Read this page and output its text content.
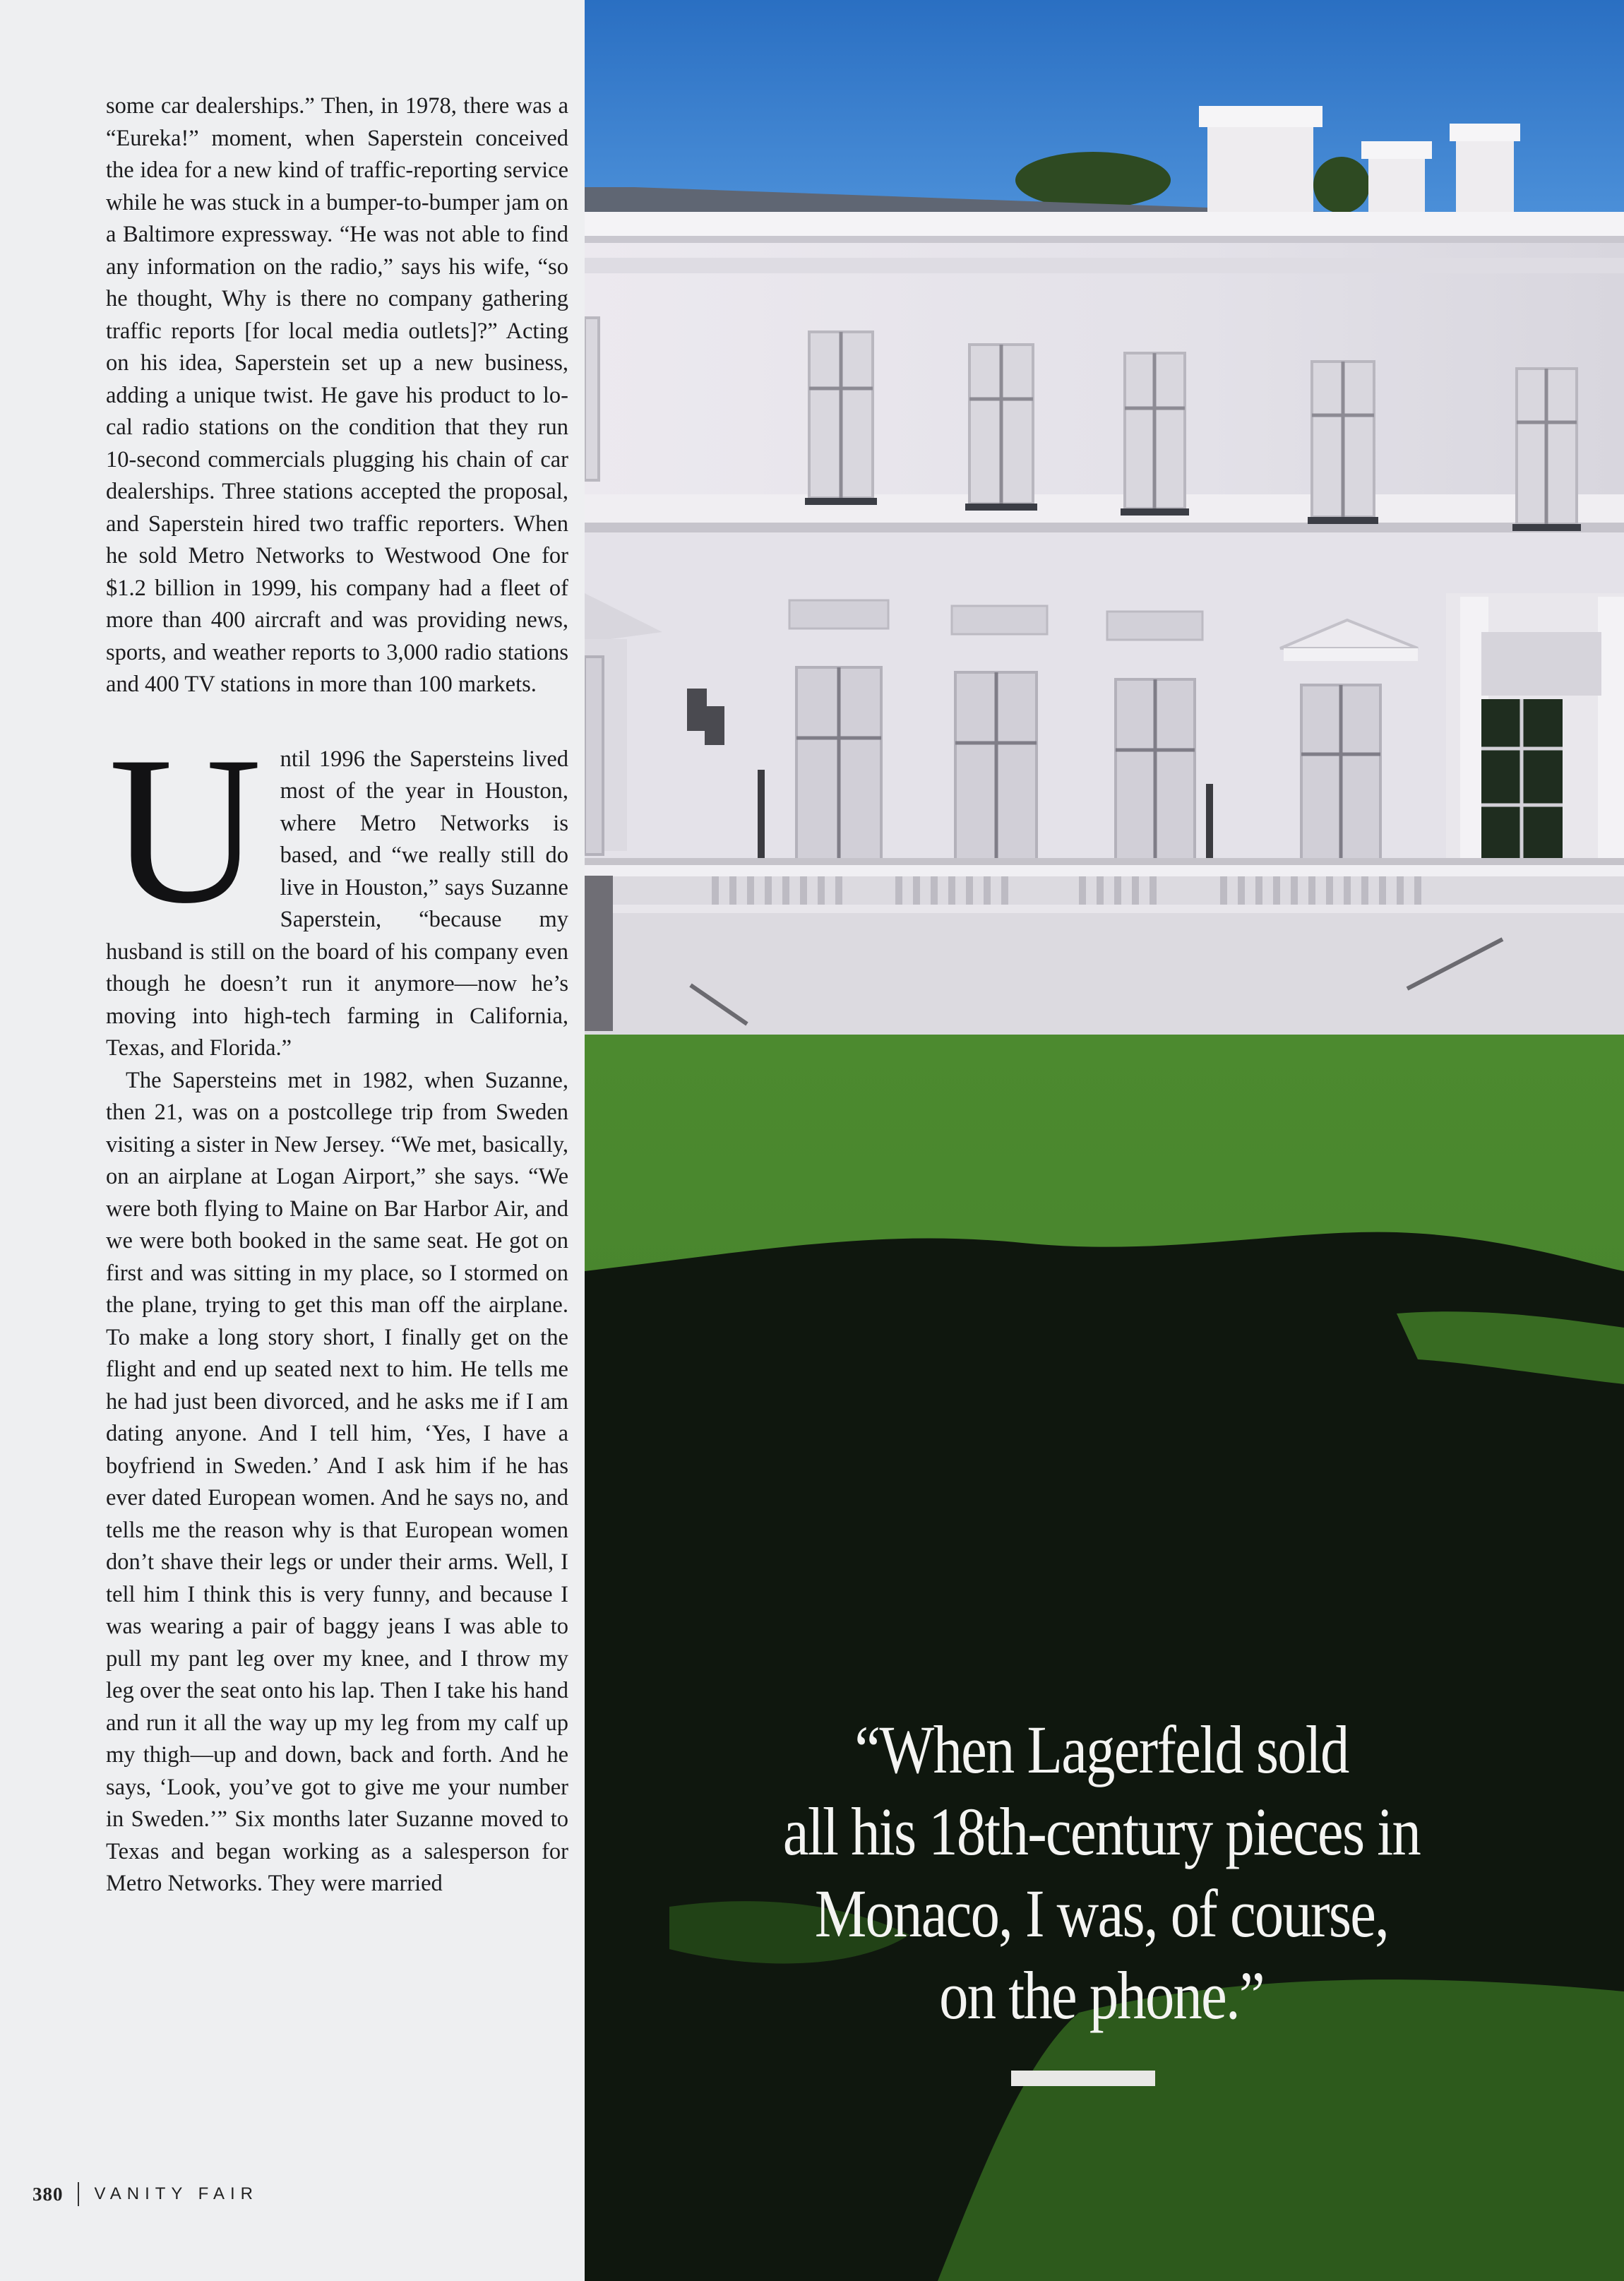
some car dealerships.” Then, in 1978, there was a “Eureka!” moment, when Saperstein conceived the idea for a new kind of traffic-reporting service while he was stuck in a bumper-to-bumper jam on a Baltimore expressway. “He was not able to find any information on the radio,” says his wife, “so he thought, Why is there no company gathering traffic reports [for local media outlets]?” Acting on his idea, Saperstein set up a new business, adding a unique twist. He gave his product to local radio stations on the condition that they run 10-second commercials plugging his chain of car dealerships. Three stations accepted the proposal, and Saperstein hired two traffic reporters. When he sold Metro Networks to Westwood One for $1.2 billion in 1999, his company had a fleet of more than 400 aircraft and was providing news, sports, and weather reports to 3,000 radio stations and 400 TV stations in more than 100 markets.

Until 1996 the Sapersteins lived most of the year in Houston, where Metro Networks is based, and “we really still do live in Houston,” says Suzanne Saperstein, “because my husband is still on the board of his company even though he doesn’t run it anymore—now he’s moving into high-tech farming in California, Texas, and Florida.”

The Sapersteins met in 1982, when Suzanne, then 21, was on a postcollege trip from Sweden visiting a sister in New Jersey. “We met, basically, on an airplane at Logan Airport,” she says. “We were both flying to Maine on Bar Harbor Air, and we were both booked in the same seat. He got on first and was sitting in my place, so I stormed on the plane, trying to get this man off the airplane. To make a long story short, I finally get on the flight and end up seated next to him. He tells me he had just been divorced, and he asks me if I am dating anyone. And I tell him, ‘Yes, I have a boyfriend in Sweden.’ And I ask him if he has ever dated European women. And he says no, and tells me the reason why is that European women don’t shave their legs or under their arms. Well, I tell him I think this is very funny, and because I was wearing a pair of baggy jeans I was able to pull my pant leg over my knee, and I throw my leg over the seat onto his lap. Then I take his hand and run it all the way up my leg from my calf up my thigh—up and down, back and forth. And he says, ‘Look, you’ve got to give me your number in Sweden.’” Six months later Suzanne moved to Texas and began working as a salesperson for Metro Networks. They were married

380 VANITY FAIR
“When Lagerfeld sold
all his 18th-century pieces in
Monaco, I was, of course,
on the phone.”
